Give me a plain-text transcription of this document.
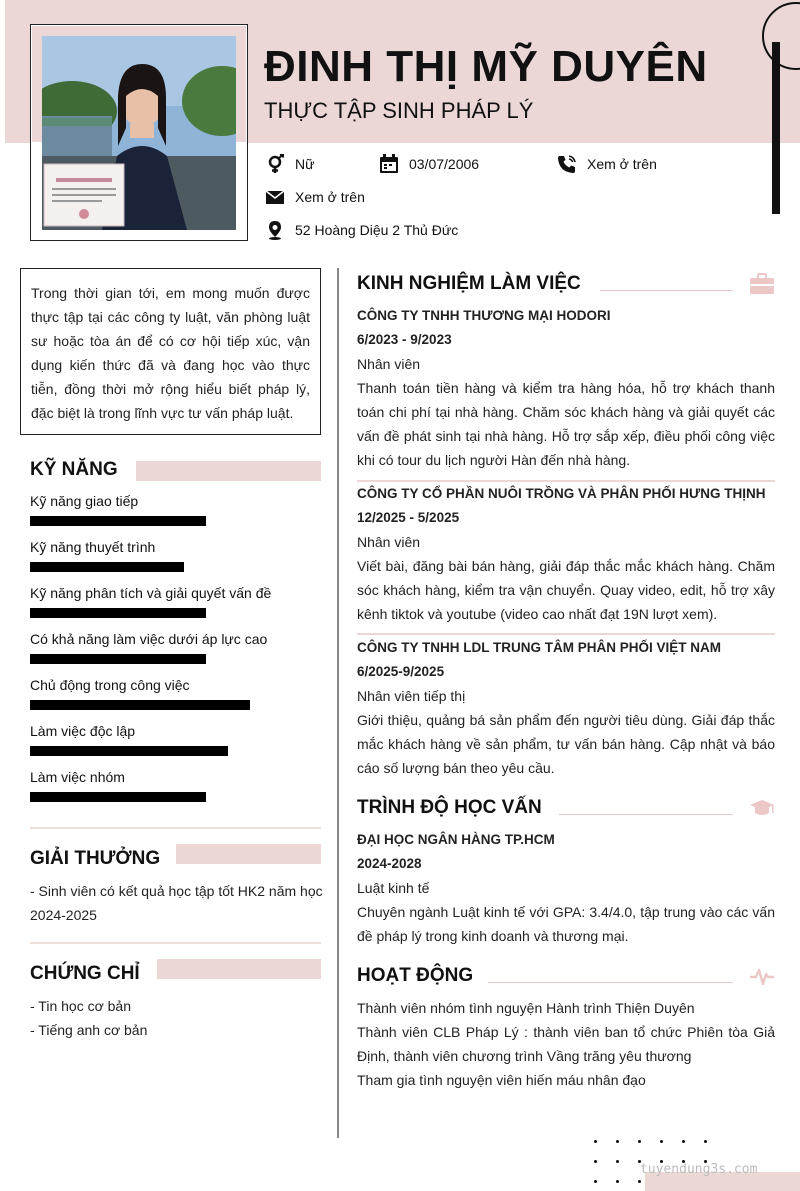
ĐINH THỊ MỸ DUYÊN
THỰC TẬP SINH PHÁP LÝ
Nữ	03/07/2006	Xem ở trên
Xem ở trên
52 Hoàng Diệu 2 Thủ Đức
Trong thời gian tới, em mong muốn được thực tập tại các công ty luật, văn phòng luật sư hoặc tòa án để có cơ hội tiếp xúc, vận dụng kiến thức đã và đang học vào thực tiễn, đồng thời mở rộng hiểu biết pháp lý, đặc biệt là trong lĩnh vực tư vấn pháp luật.
KỸ NĂNG
Kỹ năng giao tiếp
Kỹ năng thuyết trình
Kỹ năng phân tích và giải quyết vấn đề
Có khả năng làm việc dưới áp lực cao
Chủ động trong công việc
Làm việc độc lập
Làm việc nhóm
GIẢI THƯỞNG
- Sinh viên có kết quả học tập tốt HK2 năm học
2024-2025
CHỨNG CHỈ
- Tin học cơ bản
- Tiếng anh cơ bản
KINH NGHIỆM LÀM VIỆC
CÔNG TY TNHH THƯƠNG MẠI HODORI
6/2023 - 9/2023
Nhân viên
Thanh toán tiền hàng và kiểm tra hàng hóa, hỗ trợ khách thanh toán chi phí tại nhà hàng. Chăm sóc khách hàng và giải quyết các vấn đề phát sinh tại nhà hàng. Hỗ trợ sắp xếp, điều phối công việc khi có tour du lịch người Hàn đến nhà hàng.
CÔNG TY CỔ PHẦN NUÔI TRỒNG VÀ PHÂN PHỐI HƯNG THỊNH
12/2025 - 5/2025
Nhân viên
Viết bài, đăng bài bán hàng, giải đáp thắc mắc khách hàng. Chăm sóc khách hàng, kiểm tra vận chuyển. Quay video, edit, hỗ trợ xây kênh tiktok và youtube (video cao nhất đạt 19N lượt xem).
CÔNG TY TNHH LDL TRUNG TÂM PHÂN PHỐI VIỆT NAM
6/2025-9/2025
Nhân viên tiếp thị
Giới thiệu, quảng bá sản phẩm đến người tiêu dùng. Giải đáp thắc mắc khách hàng về sản phẩm, tư vấn bán hàng. Cập nhật và báo cáo số lượng bán theo yêu cầu.
TRÌNH ĐỘ HỌC VẤN
ĐẠI HỌC NGÂN HÀNG TP.HCM
2024-2028
Luật kinh tế
Chuyên ngành Luật kinh tế với GPA: 3.4/4.0, tập trung vào các vấn đề pháp lý trong kinh doanh và thương mại.
HOẠT ĐỘNG
Thành viên nhóm tình nguyện Hành trình Thiện Duyên
Thành viên CLB Pháp Lý : thành viên ban tổ chức Phiên tòa Giả Định, thành viên chương trình Vầng trăng yêu thương
Tham gia tình nguyện viên hiến máu nhân đạo
tuyendung3s.com
